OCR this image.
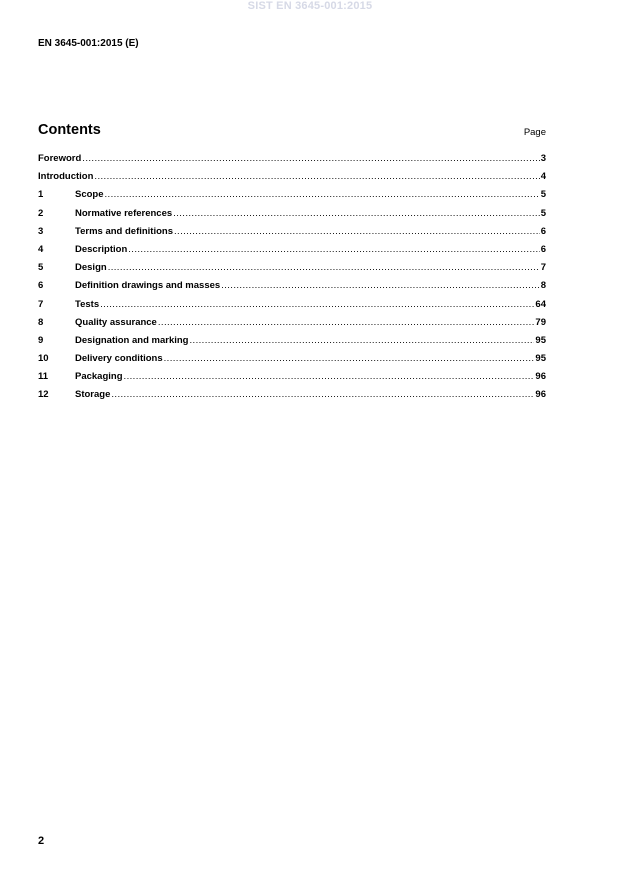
SIST EN 3645-001:2015
EN 3645-001:2015 (E)
Contents	Page
Foreword .....	3
Introduction .....	4
1	Scope .....	5
2	Normative references .....	5
3	Terms and definitions .....	6
4	Description .....	6
5	Design .....	7
6	Definition drawings and masses .....	8
7	Tests .....	64
8	Quality assurance .....	79
9	Designation and marking .....	95
10	Delivery conditions .....	95
11	Packaging .....	96
12	Storage .....	96
2
